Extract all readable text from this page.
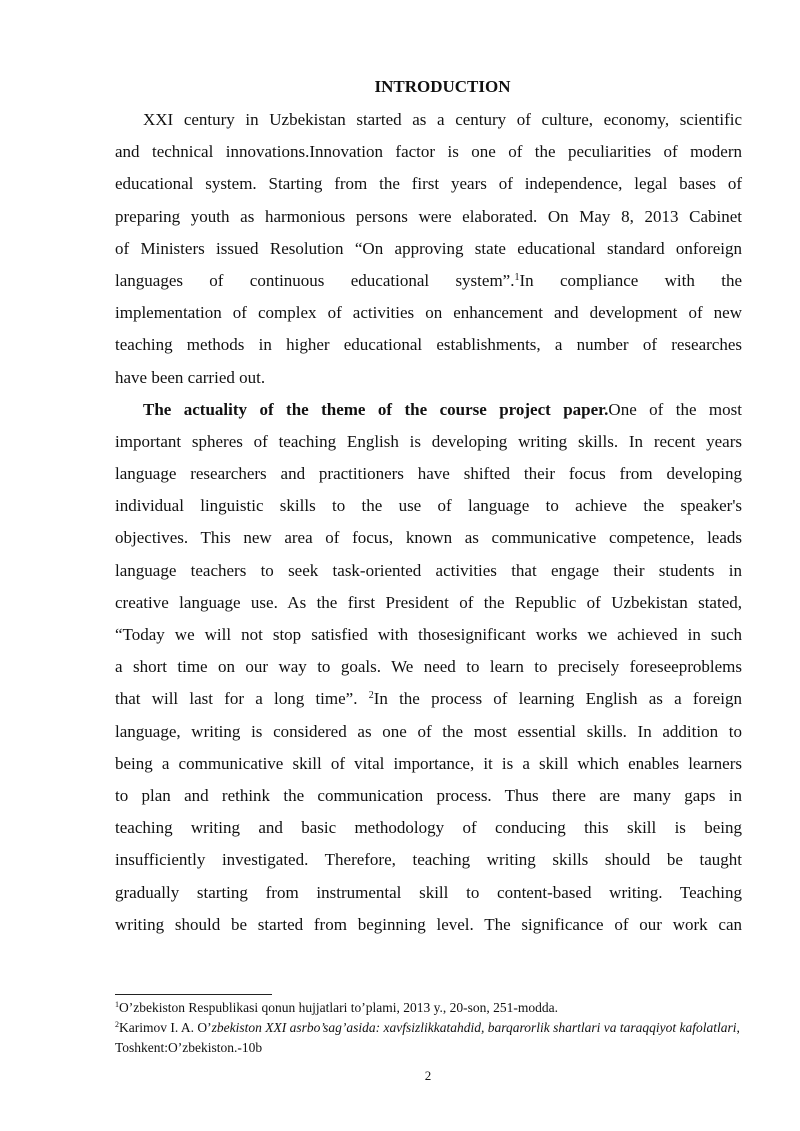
INTRODUCTION
XXI century in Uzbekistan started as a century of culture, economy, scientific
and technical innovations.Innovation factor is one of the peculiarities of modern
educational system. Starting from the first years of independence, legal bases of
preparing youth as harmonious persons were elaborated. On May 8, 2013 Cabinet
of Ministers issued Resolution “On approving state educational standard onforeign
languages of continuous educational system”.$^1$In compliance with the
implementation of complex of activities on enhancement and development of new
teaching methods in higher educational establishments, a number of researches
have been carried out.
The actuality of the theme of the course project paper.One of the most
important spheres of teaching English is developing writing skills. In recent years
language researchers and practitioners have shifted their focus from developing
individual linguistic skills to the use of language to achieve the speaker's
objectives. This new area of focus, known as communicative competence, leads
language teachers to seek task-oriented activities that engage their students in
creative language use. As the first President of the Republic of Uzbekistan stated,
“Today we will not stop satisfied with thosesignificant works we achieved in such
a short time on our way to goals. We need to learn to precisely foreseeproblems
that will last for a long time”. $^2$In the process of learning English as a foreign
language, writing is considered as one of the most essential skills. In addition to
being a communicative skill of vital importance, it is a skill which enables learners
to plan and rethink the communication process. Thus there are many gaps in
teaching writing and basic methodology of conducing this skill is being
insufficiently investigated. Therefore, teaching writing skills should be taught
gradually starting from instrumental skill to content-based writing. Teaching
writing should be started from beginning level. The significance of our work can
$^1$O’zbekiston Respublikasi qonun hujjatlari to’plami, 2013 y., 20-son, 251-modda.
$^2$Karimov I. A. O’zbekiston XXI asrbo’sag’asida: xavfsizlikkatahdid, barqarorlik shartlari va taraqqiyot kafolatlari, Toshkent:O’zbekiston.-10b
2
